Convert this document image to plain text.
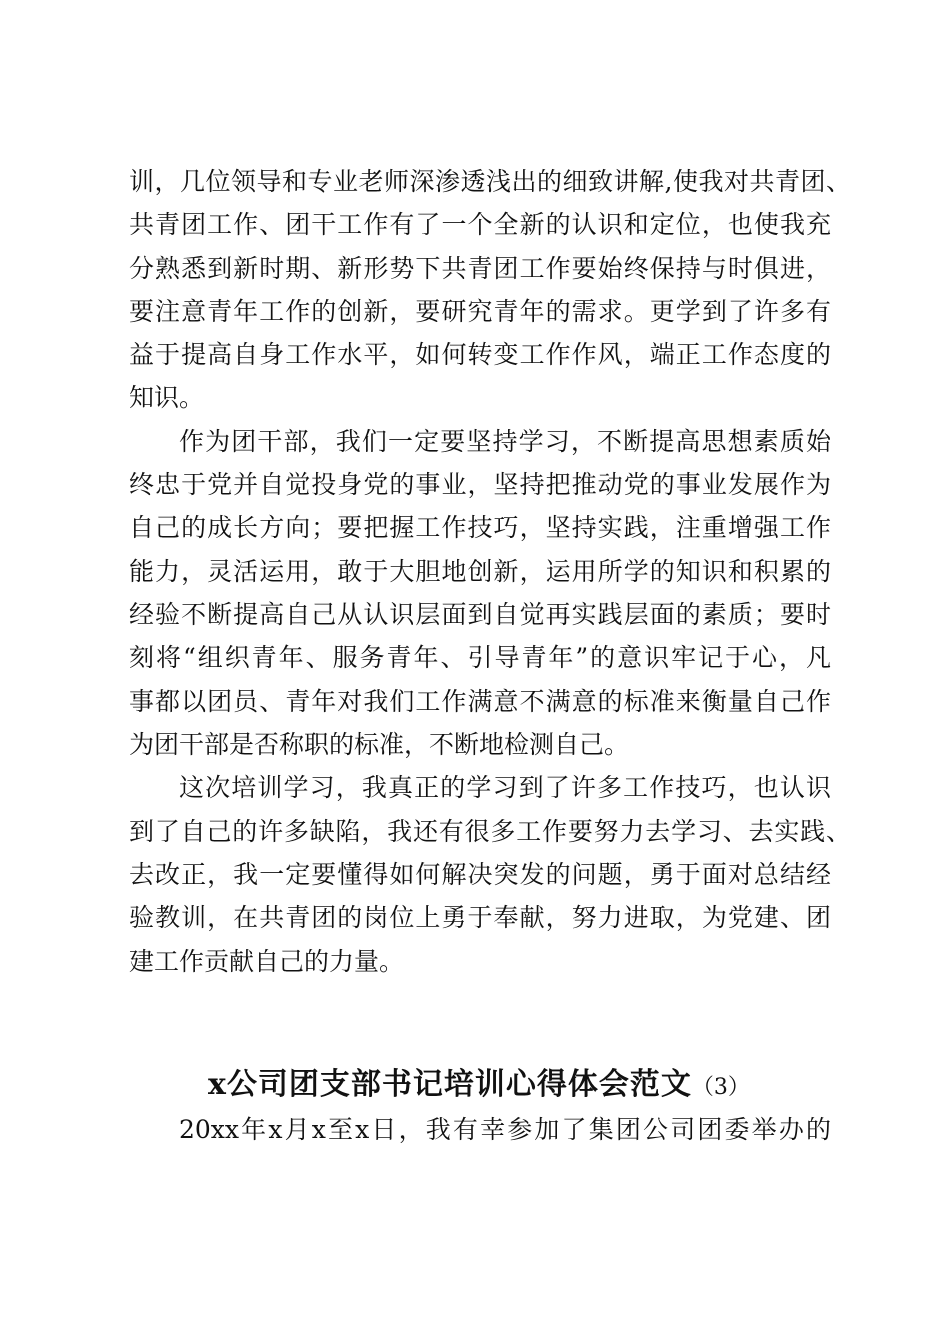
训，几位领导和专业老师深渗透浅出的细致讲解,使我对共青团、
共青团工作、团干工作有了一个全新的认识和定位，也使我充
分熟悉到新时期、新形势下共青团工作要始终保持与时俱进，
要注意青年工作的创新，要研究青年的需求。更学到了许多有
益于提高自身工作水平，如何转变工作作风，端正工作态度的
知识。
作为团干部，我们一定要坚持学习，不断提高思想素质始
终忠于党并自觉投身党的事业，坚持把推动党的事业发展作为
自己的成长方向；要把握工作技巧，坚持实践，注重增强工作
能力，灵活运用，敢于大胆地创新，运用所学的知识和积累的
经验不断提高自己从认识层面到自觉再实践层面的素质；要时
刻将“组织青年、服务青年、引导青年”的意识牢记于心，凡
事都以团员、青年对我们工作满意不满意的标准来衡量自己作
为团干部是否称职的标准，不断地检测自己。
这次培训学习，我真正的学习到了许多工作技巧，也认识
到了自己的许多缺陷，我还有很多工作要努力去学习、去实践、
去改正，我一定要懂得如何解决突发的问题，勇于面对总结经
验教训，在共青团的岗位上勇于奉献，努力进取，为党建、团
建工作贡献自己的力量。
x公司团支部书记培训心得体会范文（3）
20xx年x月x至x日，我有幸参加了集团公司团委举办的
